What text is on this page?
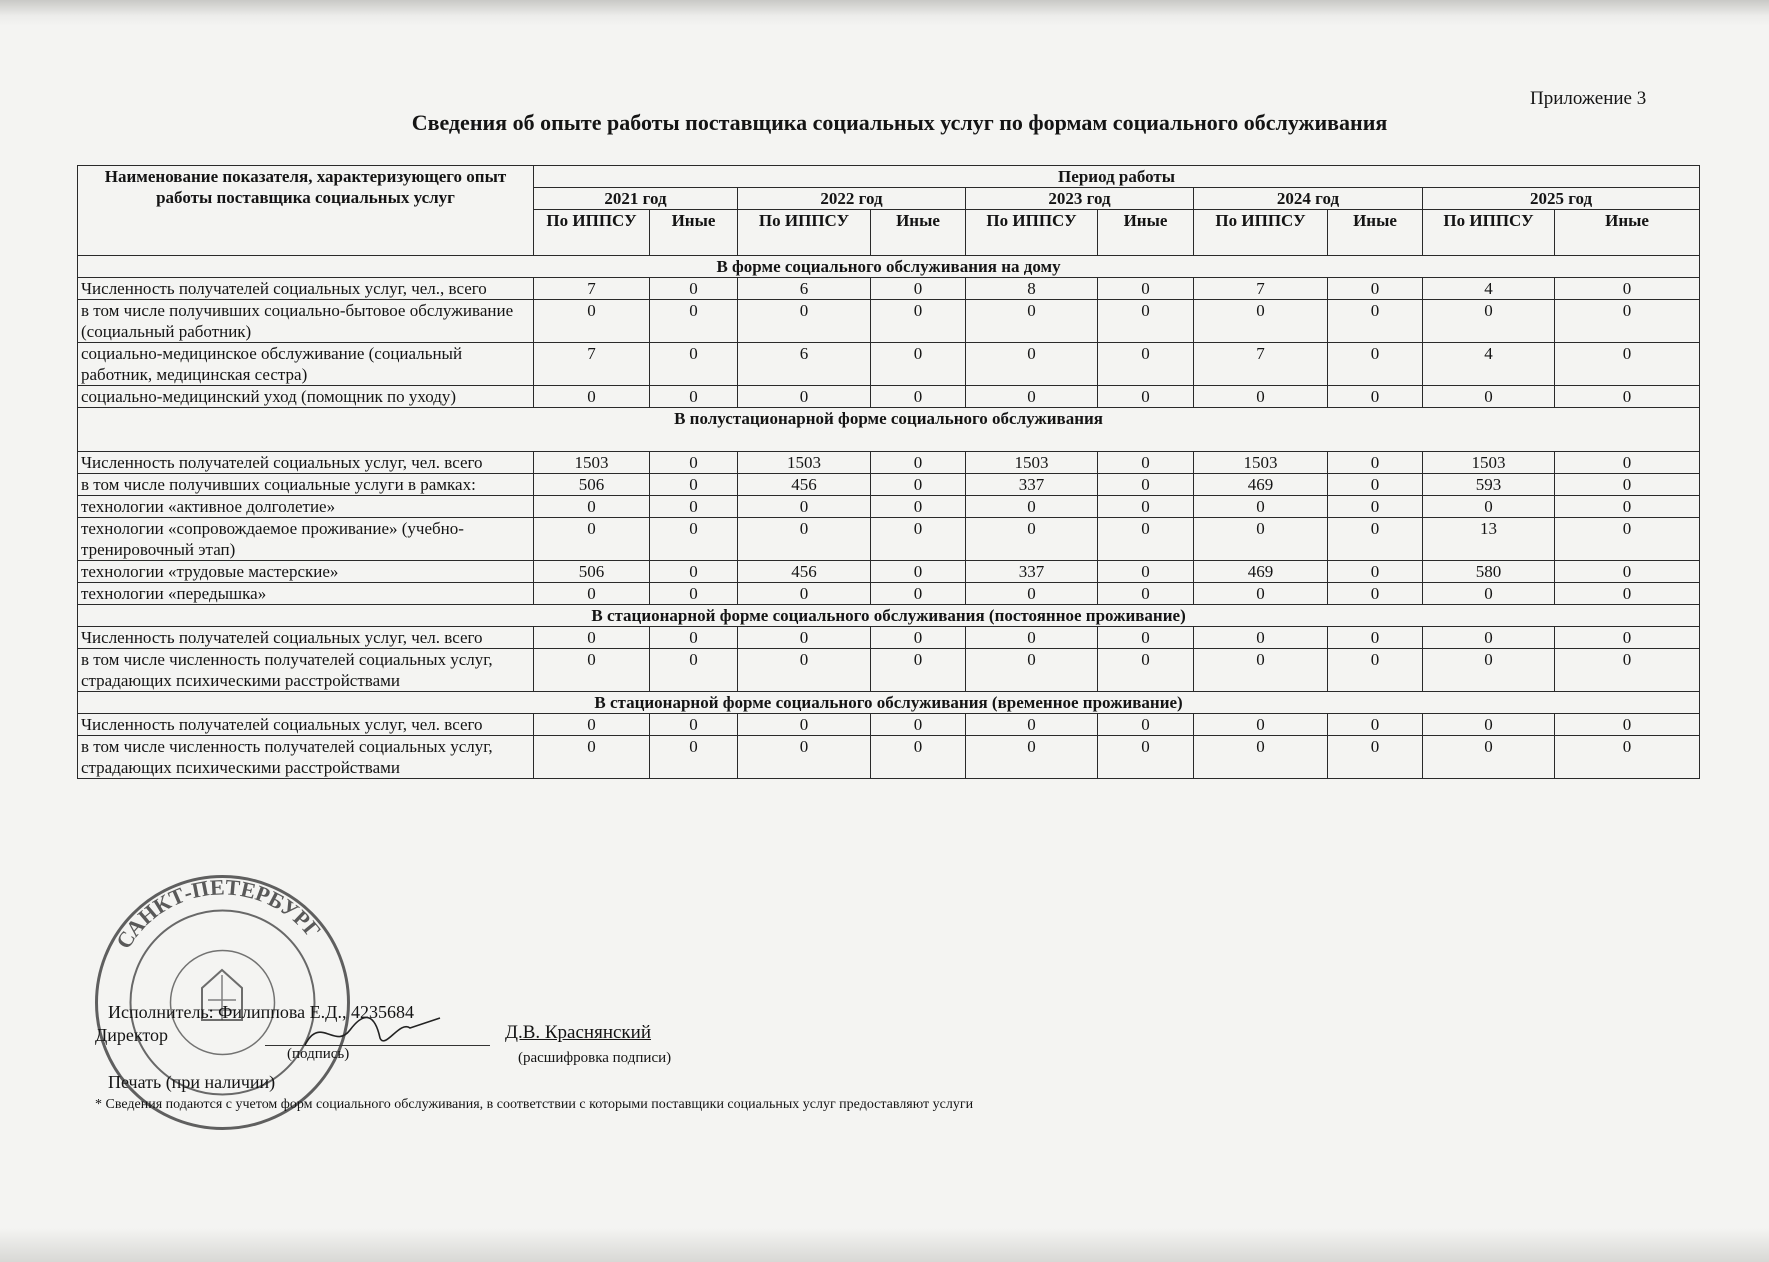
Приложение 3
Сведения об опыте работы поставщика социальных услуг по формам социального обслуживания
Наименование показателя, характеризующего опыт работы поставщика социальных услуг	Период работы									
	2021 год		2022 год		2023 год		2024 год		2025 год	
	По ИППСУ	Иные	По ИППСУ	Иные	По ИППСУ	Иные	По ИППСУ	Иные	По ИППСУ	Иные
В форме социального обслуживания на дому										
Численность получателей социальных услуг, чел., всего	7	0	6	0	8	0	7	0	4	0
в том числе получивших социально-бытовое обслуживание (социальный работник)	0	0	0	0	0	0	0	0	0	0
социально-медицинское обслуживание (социальный работник, медицинская сестра)	7	0	6	0	0	0	7	0	4	0
социально-медицинский уход (помощник по уходу)	0	0	0	0	0	0	0	0	0	0
В полустационарной форме социального обслуживания										
Численность получателей социальных услуг, чел. всего	1503	0	1503	0	1503	0	1503	0	1503	0
в том числе получивших социальные услуги в рамках:	506	0	456	0	337	0	469	0	593	0
технологии «активное долголетие»	0	0	0	0	0	0	0	0	0	0
технологии «сопровождаемое проживание» (учебно-тренировочный этап)	0	0	0	0	0	0	0	0	13	0
технологии «трудовые мастерские»	506	0	456	0	337	0	469	0	580	0
технологии «передышка»	0	0	0	0	0	0	0	0	0	0
В стационарной форме социального обслуживания (постоянное проживание)										
Численность получателей социальных услуг, чел. всего	0	0	0	0	0	0	0	0	0	0
в том числе численность получателей социальных услуг, страдающих психическими расстройствами	0	0	0	0	0	0	0	0	0	0
В стационарной форме социального обслуживания (временное проживание)										
Численность получателей социальных услуг, чел. всего	0	0	0	0	0	0	0	0	0	0
в том числе численность получателей социальных услуг, страдающих психическими расстройствами	0	0	0	0	0	0	0	0	0	0
САНКТ-ПЕТЕРБУРГ
Исполнитель: Филиппова Е.Д., 4235684
Директор
(подпись)
Д.В. Краснянский
(расшифровка подписи)
Печать (при наличии)
* Сведения подаются с учетом форм социального обслуживания, в соответствии с которыми поставщики социальных услуг предоставляют услуги
